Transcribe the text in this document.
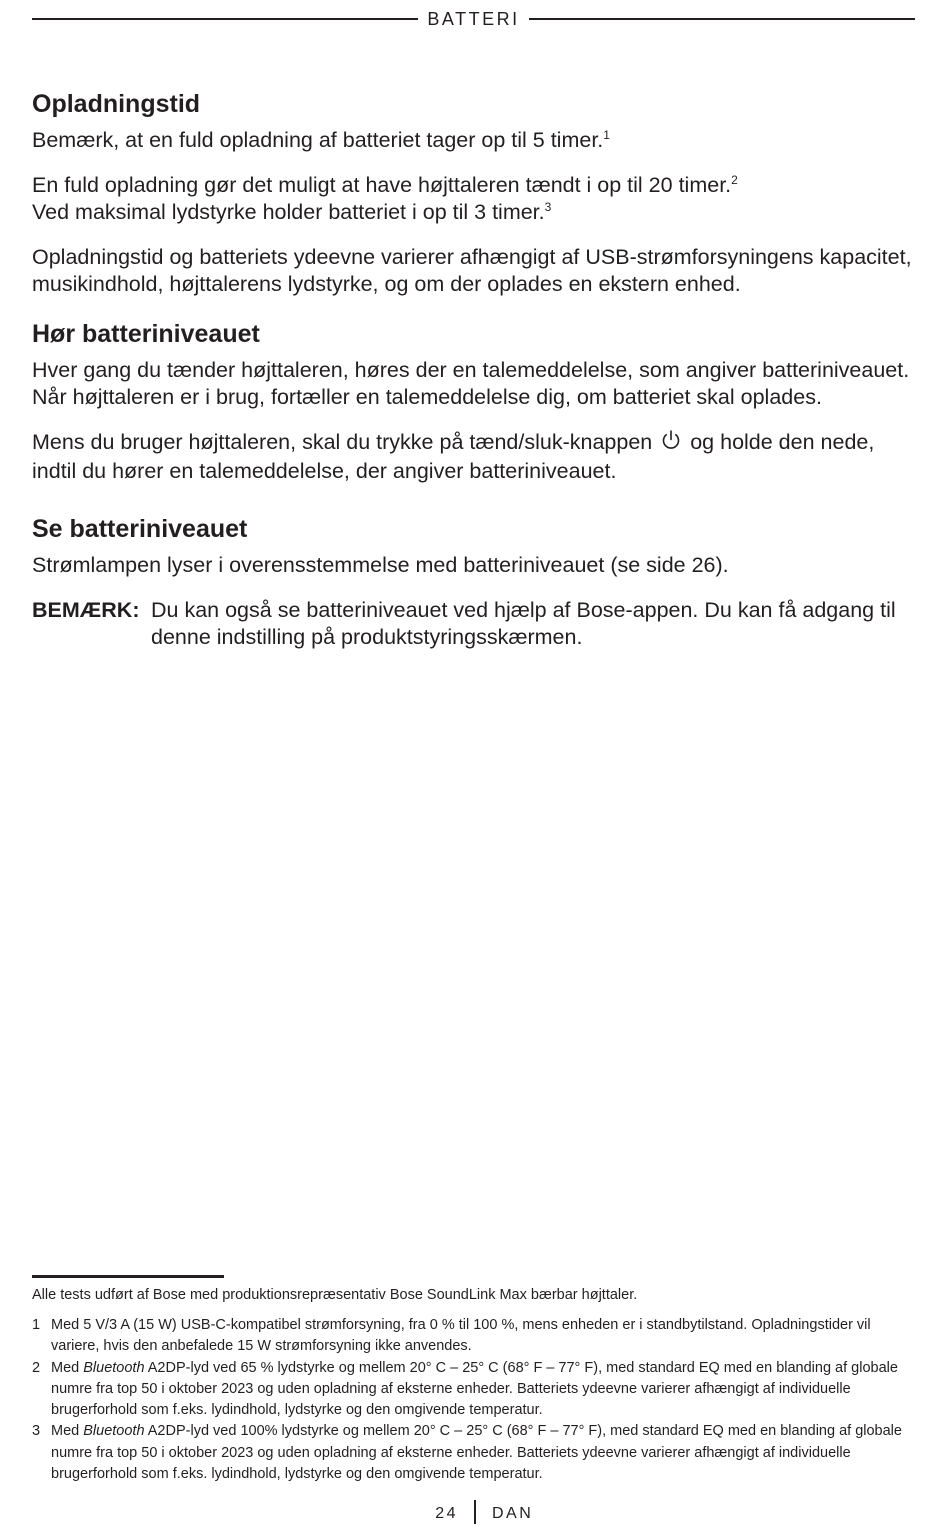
BATTERI
Opladningstid

Bemærk, at en fuld opladning af batteriet tager op til 5 timer.$^1$

En fuld opladning gør det muligt at have højttaleren tændt i op til 20 timer.$^2$
Ved maksimal lydstyrke holder batteriet i op til 3 timer.$^3$

Opladningstid og batteriets ydeevne varierer afhængigt af USB-strømforsyningens kapacitet, musikindhold, højttalerens lydstyrke, og om der oplades en ekstern enhed.

Hør batteriniveauet

Hver gang du tænder højttaleren, høres der en talemeddelelse, som angiver batteriniveauet. Når højttaleren er i brug, fortæller en talemeddelelse dig, om batteriet skal oplades.

Mens du bruger højttaleren, skal du trykke på tænd/sluk-knappen og holde den nede, indtil du hører en talemeddelelse, der angiver batteriniveauet.

Se batteriniveauet

Strømlampen lyser i overensstemmelse med batteriniveauet (se side 26).

BEMÆRK: Du kan også se batteriniveauet ved hjælp af Bose-appen. Du kan få adgang til denne indstilling på produktstyringsskærmen.
Alle tests udført af Bose med produktionsrepræsentativ Bose SoundLink Max bærbar højttaler.
1 Med 5 V/3 A (15 W) USB-C-kompatibel strømforsyning, fra 0 % til 100 %, mens enheden er i standbytilstand. Opladningstider vil variere, hvis den anbefalede 15 W strømforsyning ikke anvendes.
2 Med Bluetooth A2DP-lyd ved 65 % lydstyrke og mellem 20° C – 25° C (68° F – 77° F), med standard EQ med en blanding af globale numre fra top 50 i oktober 2023 og uden opladning af eksterne enheder. Batteriets ydeevne varierer afhængigt af individuelle brugerforhold som f.eks. lydindhold, lydstyrke og den omgivende temperatur.
3 Med Bluetooth A2DP-lyd ved 100% lydstyrke og mellem 20° C – 25° C (68° F – 77° F), med standard EQ med en blanding af globale numre fra top 50 i oktober 2023 og uden opladning af eksterne enheder. Batteriets ydeevne varierer afhængigt af individuelle brugerforhold som f.eks. lydindhold, lydstyrke og den omgivende temperatur.
24 DAN
